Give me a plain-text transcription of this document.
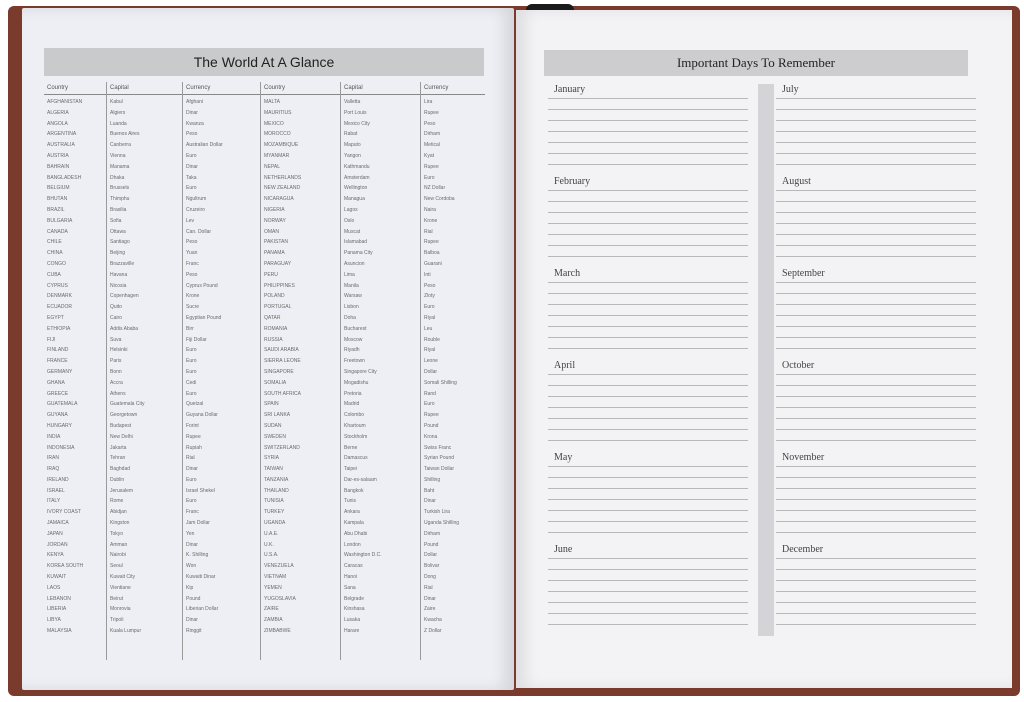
The World At A Glance
Country
AFGHANISTAN
ALGERIA
ANGOLA
ARGENTINA
AUSTRALIA
AUSTRIA
BAHRAIN
BANGLADESH
BELGIUM
BHUTAN
BRAZIL
BULGARIA
CANADA
CHILE
CHINA
CONGO
CUBA
CYPRUS
DENMARK
ECUADOR
EGYPT
ETHIOPIA
FIJI
FINLAND
FRANCE
GERMANY
GHANA
GREECE
GUATEMALA
GUYANA
HUNGARY
INDIA
INDONESIA
IRAN
IRAQ
IRELAND
ISRAEL
ITALY
IVORY COAST
JAMAICA
JAPAN
JORDAN
KENYA
KOREA SOUTH
KUWAIT
LAOS
LEBANON
LIBERIA
LIBYA
MALAYSIA
Capital
Kabul
Algiers
Luanda
Buenos Aires
Canberra
Vienna
Manama
Dhaka
Brussels
Thimphu
Brasilia
Sofia
Ottawa
Santiago
Beijing
Brazzaville
Havana
Nicosia
Copenhagen
Quito
Cairo
Addis Ababa
Suva
Helsinki
Paris
Bonn
Accra
Athens
Guatemala City
Georgetown
Budapest
New Delhi
Jakarta
Tehran
Baghdad
Dublin
Jerusalem
Rome
Abidjan
Kingston
Tokyo
Amman
Nairobi
Seoul
Kuwait City
Vientiane
Beirut
Monrovia
Tripoli
Kuala Lumpur
Currency
Afghani
Dinar
Kwanza
Peso
Australian Dollar
Euro
Dinar
Taka
Euro
Ngultrum
Cruzeiro
Lev
Can. Dollar
Peso
Yuan
Franc
Peso
Cyprus Pound
Krone
Sucre
Egyptian Pound
Birr
Fiji Dollar
Euro
Euro
Euro
Cedi
Euro
Quetzal
Guyana Dollar
Forint
Rupee
Rupiah
Rial
Dinar
Euro
Israel Shekel
Euro
Franc
Jam Dollar
Yen
Dinar
K. Shilling
Won
Kuwaiti Dinar
Kip
Pound
Liberian Dollar
Dinar
Ringgit
Country
MALTA
MAURITIUS
MEXICO
MOROCCO
MOZAMBIQUE
MYANMAR
NEPAL
NETHERLANDS
NEW ZEALAND
NICARAGUA
NIGERIA
NORWAY
OMAN
PAKISTAN
PANAMA
PARAGUAY
PERU
PHILIPPINES
POLAND
PORTUGAL
QATAR
ROMANIA
RUSSIA
SAUDI ARABIA
SIERRA LEONE
SINGAPORE
SOMALIA
SOUTH AFRICA
SPAIN
SRI LANKA
SUDAN
SWEDEN
SWITZERLAND
SYRIA
TAIWAN
TANZANIA
THAILAND
TUNISIA
TURKEY
UGANDA
U.A.E.
U.K.
U.S.A.
VENEZUELA
VIETNAM
YEMEN
YUGOSLAVIA
ZAIRE
ZAMBIA
ZIMBABWE
Capital
Valletta
Port Louis
Mexico City
Rabat
Maputo
Yangon
Kathmandu
Amsterdam
Wellington
Managua
Lagos
Oslo
Muscat
Islamabad
Panama City
Asuncion
Lima
Manila
Warsaw
Lisbon
Doha
Bucharest
Moscow
Riyadh
Freetown
Singapore City
Mogadishu
Pretoria
Madrid
Colombo
Khartoum
Stockholm
Berne
Damascus
Taipei
Dar-es-salaam
Bangkok
Tunis
Ankara
Kampala
Abu Dhabi
London
Washington D.C.
Caracas
Hanoi
Sana
Belgrade
Kinshasa
Lusaka
Harare
Currency
Lira
Rupee
Peso
Dirham
Metical
Kyat
Rupee
Euro
NZ Dollar
New Cordoba
Naira
Krone
Rial
Rupee
Balboa
Guarani
Inti
Peso
Zloty
Euro
Riyal
Leu
Rouble
Riyal
Leone
Dollar
Somali Shilling
Rand
Euro
Rupee
Pound
Krona
Swiss Franc
Syrian Pound
Taiwan Dollar
Shilling
Baht
Dinar
Turkish Lira
Uganda Shilling
Dirham
Pound
Dollar
Bolivar
Dong
Rial
Dinar
Zaire
Kwacha
Z Dollar
Important Days To Remember
January
February
March
April
May
June
July
August
September
October
November
December
